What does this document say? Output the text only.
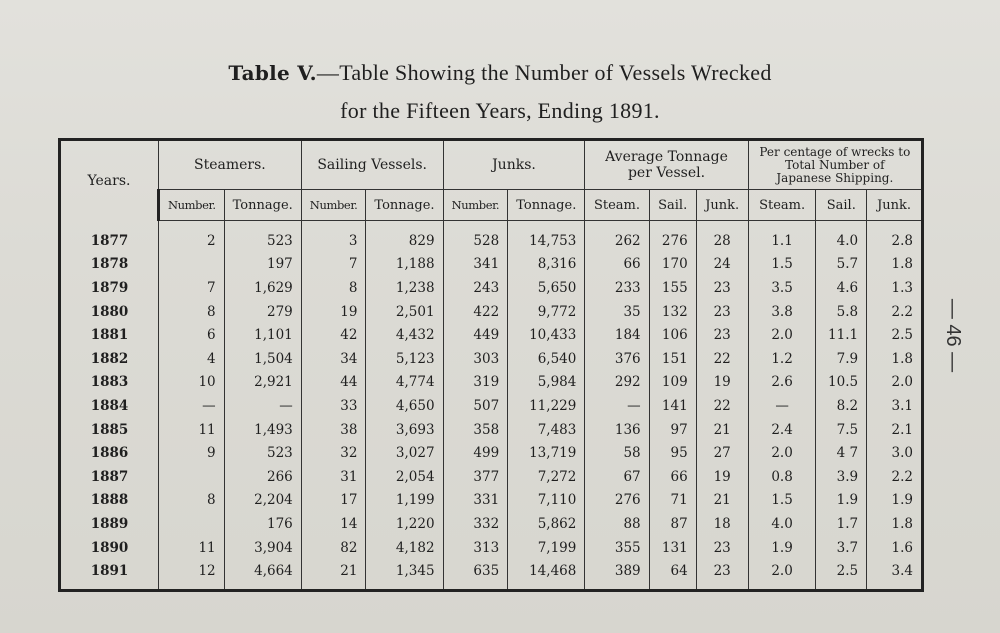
Table V.—Table Showing the Number of Vessels Wrecked
for the Fifteen Years, Ending 1891.
— 46 —
Years.	Steamers.		Sailing Vessels.		Junks.		Average Tonnage per Vessel.			Per centage of wrecks to Total Number of Japanese Shipping.		
	Number.	Tonnage.	Number.	Tonnage.	Number.	Tonnage.	Steam.	Sail.	Junk.	Steam.	Sail.	Junk.
1877	2	523	3	829	528	14,753	262	276	28	1.1	4.0	2.8
1878		197	7	1,188	341	8,316	66	170	24	1.5	5.7	1.8
1879	7	1,629	8	1,238	243	5,650	233	155	23	3.5	4.6	1.3
1880	8	279	19	2,501	422	9,772	35	132	23	3.8	5.8	2.2
1881	6	1,101	42	4,432	449	10,433	184	106	23	2.0	11.1	2.5
1882	4	1,504	34	5,123	303	6,540	376	151	22	1.2	7.9	1.8
1883	10	2,921	44	4,774	319	5,984	292	109	19	2.6	10.5	2.0
1884	—	—	33	4,650	507	11,229	—	141	22	—	8.2	3.1
1885	11	1,493	38	3,693	358	7,483	136	97	21	2.4	7.5	2.1
1886	9	523	32	3,027	499	13,719	58	95	27	2.0	4 7	3.0
1887		266	31	2,054	377	7,272	67	66	19	0.8	3.9	2.2
1888	8	2,204	17	1,199	331	7,110	276	71	21	1.5	1.9	1.9
1889		176	14	1,220	332	5,862	88	87	18	4.0	1.7	1.8
1890	11	3,904	82	4,182	313	7,199	355	131	23	1.9	3.7	1.6
1891	12	4,664	21	1,345	635	14,468	389	64	23	2.0	2.5	3.4
